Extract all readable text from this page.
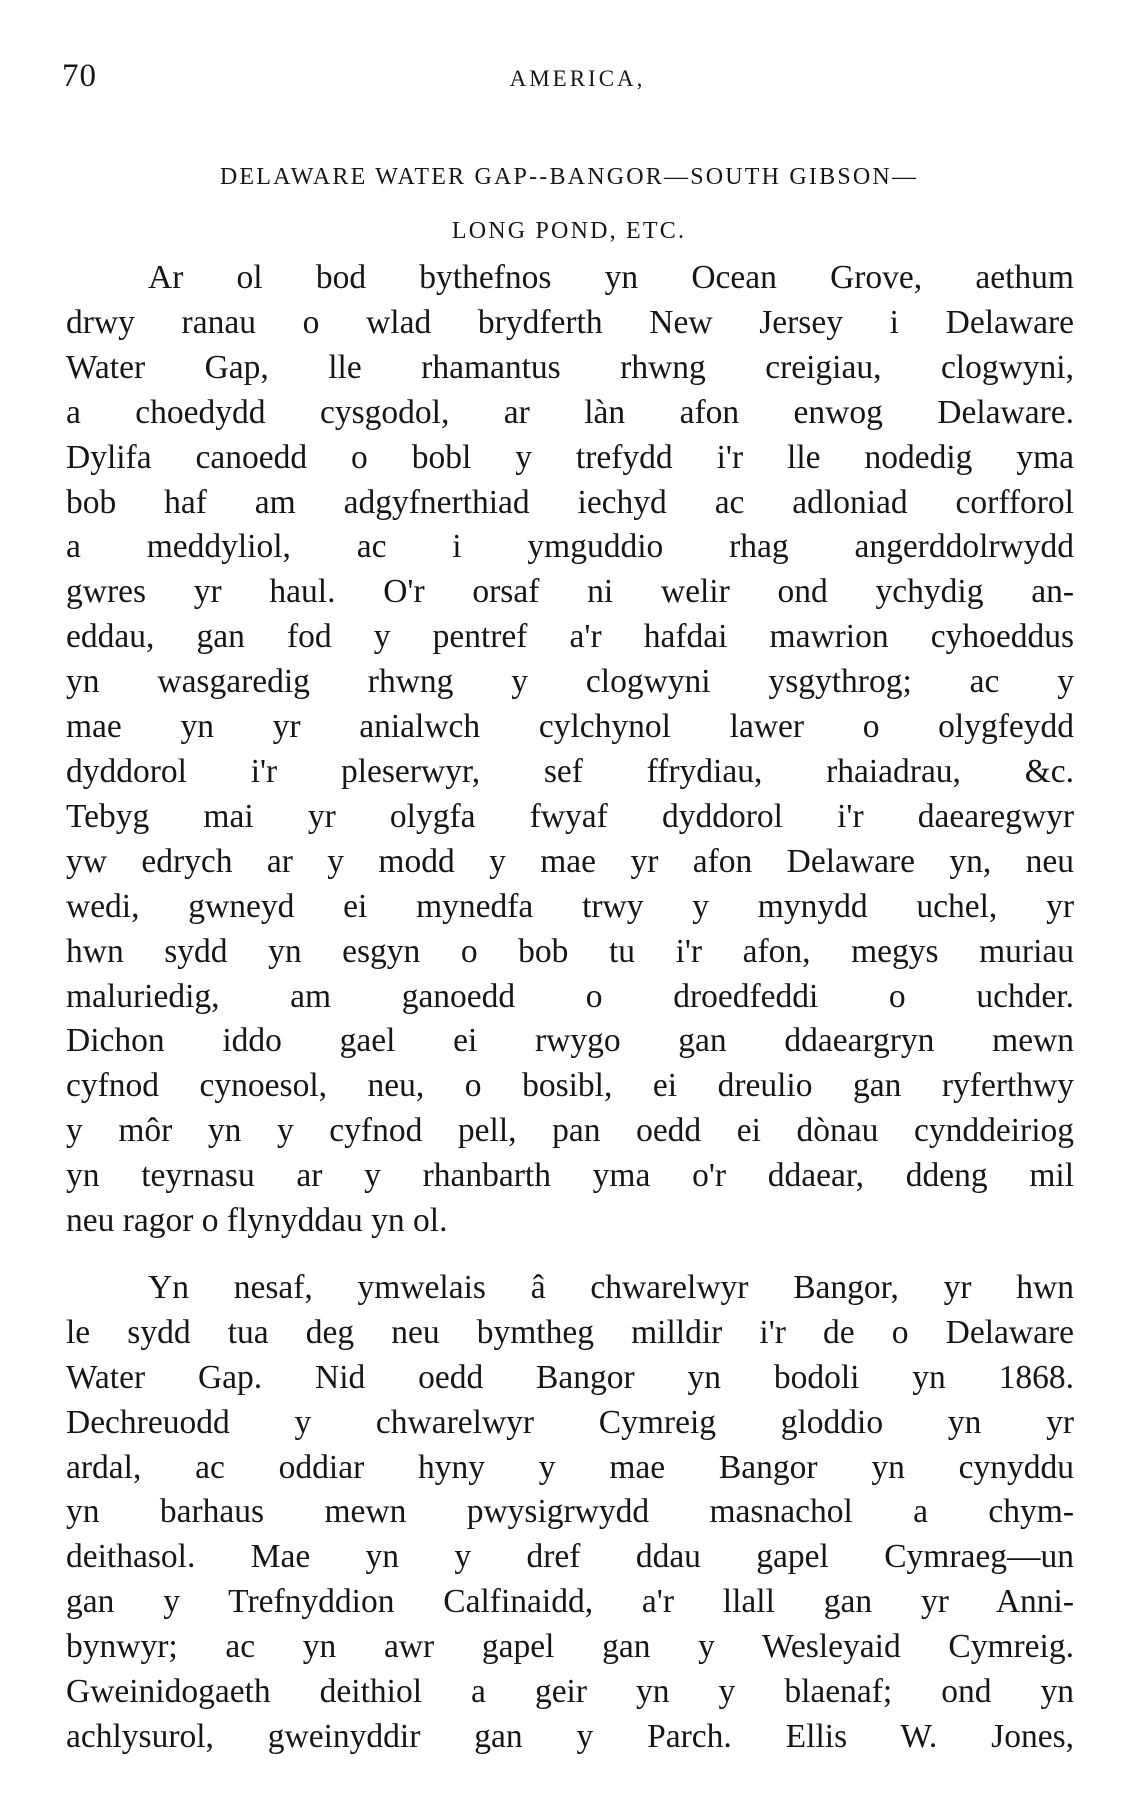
70	AMERICA,
DELAWARE WATER GAP--BANGOR—SOUTH GIBSON—
LONG POND, ETC.

Ar ol bod bythefnos yn Ocean Grove, aethum
drwy ranau o wlad brydferth New Jersey i Delaware
Water Gap, lle rhamantus rhwng creigiau, clogwyni,
a choedydd cysgodol, ar làn afon enwog Delaware.
Dylifa canoedd o bobl y trefydd i'r lle nodedig yma
bob haf am adgyfnerthiad iechyd ac adloniad corfforol
a meddyliol, ac i ymguddio rhag angerddolrwydd
gwres yr haul. O'r orsaf ni welir ond ychydig an-
eddau, gan fod y pentref a'r hafdai mawrion cyhoeddus
yn wasgaredig rhwng y clogwyni ysgythrog; ac y
mae yn yr anialwch cylchynol lawer o olygfeydd
dyddorol i'r pleserwyr, sef ffrydiau, rhaiadrau, &c.
Tebyg mai yr olygfa fwyaf dyddorol i'r daearegwyr
yw edrych ar y modd y mae yr afon Delaware yn, neu
wedi, gwneyd ei mynedfa trwy y mynydd uchel, yr
hwn sydd yn esgyn o bob tu i'r afon, megys muriau
maluriedig, am ganoedd o droedfeddi o uchder.
Dichon iddo gael ei rwygo gan ddaeargryn mewn
cyfnod cynoesol, neu, o bosibl, ei dreulio gan ryferthwy
y môr yn y cyfnod pell, pan oedd ei dònau cynddeiriog
yn teyrnasu ar y rhanbarth yma o'r ddaear, ddeng mil
neu ragor o flynyddau yn ol.

Yn nesaf, ymwelais â chwarelwyr Bangor, yr hwn
le sydd tua deg neu bymtheg milldir i'r de o Delaware
Water Gap. Nid oedd Bangor yn bodoli yn 1868.
Dechreuodd y chwarelwyr Cymreig gloddio yn yr
ardal, ac oddiar hyny y mae Bangor yn cynyddu
yn barhaus mewn pwysigrwydd masnachol a chym-
deithasol. Mae yn y dref ddau gapel Cymraeg—un
gan y Trefnyddion Calfinaidd, a'r llall gan yr Anni-
bynwyr; ac yn awr gapel gan y Wesleyaid Cymreig.
Gweinidogaeth deithiol a geir yn y blaenaf; ond yn
achlysurol, gweinyddir gan y Parch. Ellis W. Jones,
